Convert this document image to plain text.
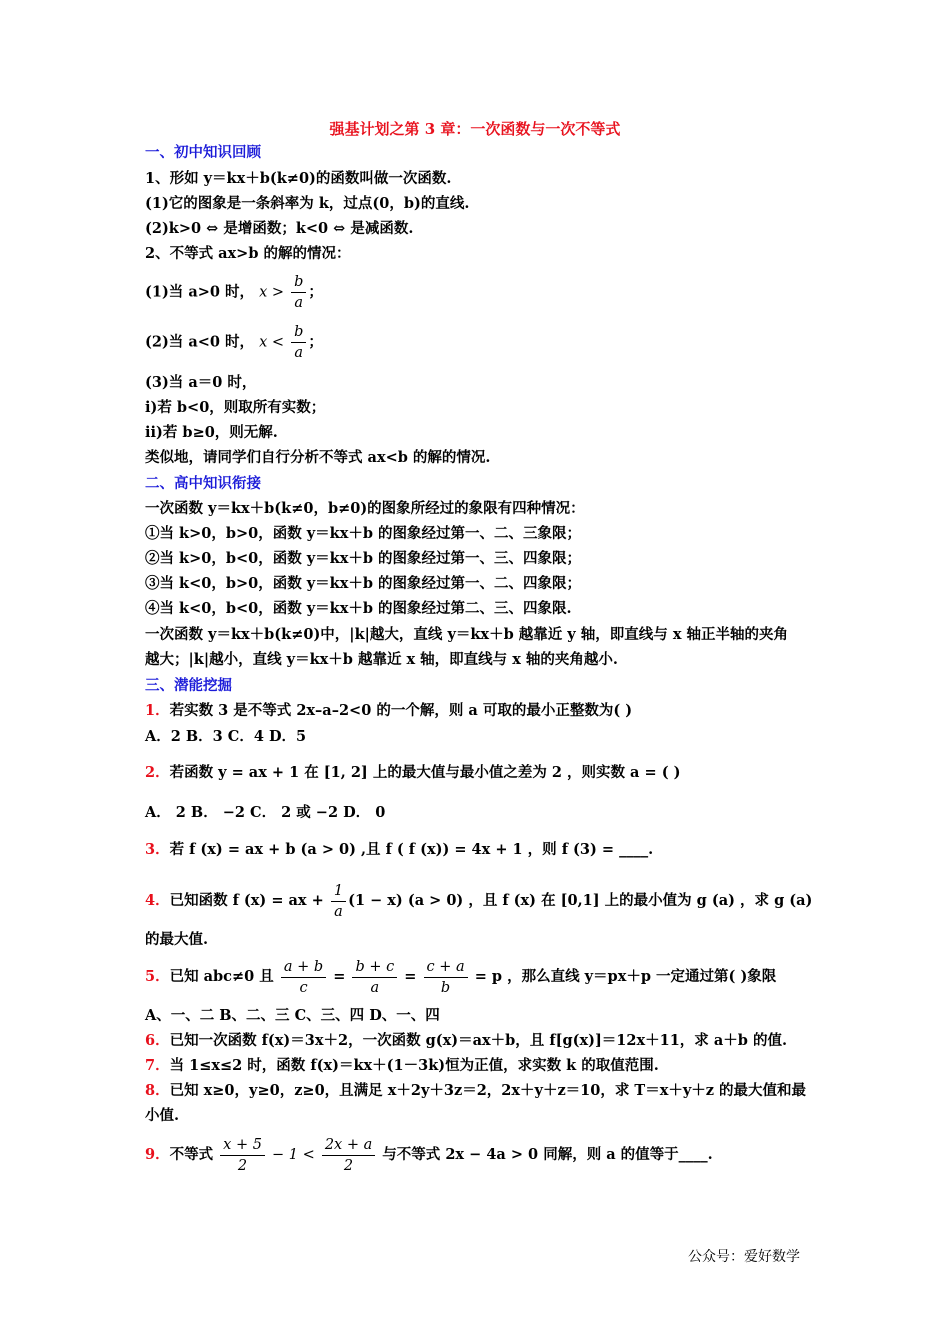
强基计划之第 3 章：一次函数与一次不等式
一、初中知识回顾
1、形如 y＝kx＋b(k≠0)的函数叫做一次函数.
(1)它的图象是一条斜率为 k，过点(0，b)的直线.
(2)k>0 ⇔ 是增函数；k<0 ⇔ 是减函数.
2、不等式 ax>b 的解的情况：
(1)当 a>0 时， $x > \frac{b}{a}$ ；
(2)当 a<0 时， $x < \frac{b}{a}$ ；
(3)当 a＝0 时，
i)若 b<0，则取所有实数；
ii)若 b≥0，则无解.
类似地，请同学们自行分析不等式 ax<b 的解的情况.
二、高中知识衔接
一次函数 y＝kx＋b(k≠0，b≠0)的图象所经过的象限有四种情况：
①当 k>0，b>0，函数 y＝kx＋b 的图象经过第一、二、三象限；
②当 k>0，b<0，函数 y＝kx＋b 的图象经过第一、三、四象限；
③当 k<0，b>0，函数 y＝kx＋b 的图象经过第一、二、四象限；
④当 k<0，b<0，函数 y＝kx＋b 的图象经过第二、三、四象限.
一次函数 y＝kx＋b(k≠0)中，|k|越大，直线 y＝kx＋b 越靠近 y 轴，即直线与 x 轴正半轴的夹角
越大；|k|越小，直线 y＝kx＋b 越靠近 x 轴，即直线与 x 轴的夹角越小.
三、潜能挖掘
1．若实数 3 是不等式 2x–a–2<0 的一个解，则 a 可取的最小正整数为( )
A．2 B．3 C．4 D．5
2．若函数 y = ax + 1 在 [1, 2] 上的最大值与最小值之差为 2 ，则实数 a = ( )
A． 2 B． −2 C． 2 或 −2 D． 0
3．若 f (x) = ax + b (a > 0) ,且 f ( f (x)) = 4x + 1 ，则 f (3) = ____.
4．已知函数 f (x) = ax + $\frac{1}{a} (1 - x) (a > 0)$ ，且 f (x) 在 [0,1] 上的最小值为 g (a) ，求 g (a)
的最大值.
5．已知 abc≠0 且 $\frac{a + b}{c} = \frac{b + c}{a} = \frac{c + a}{b} = p$ ，那么直线 y＝px＋p 一定通过第( )象限
A、一、二 B、二、三 C、三、四 D、一、四
6．已知一次函数 f(x)＝3x＋2，一次函数 g(x)＝ax＋b，且 f[g(x)]＝12x＋11，求 a＋b 的值.
7．当 1≤x≤2 时，函数 f(x)＝kx＋(1－3k)恒为正值，求实数 k 的取值范围.
8．已知 x≥0，y≥0，z≥0，且满足 x＋2y＋3z＝2，2x＋y＋z＝10，求 T＝x＋y＋z 的最大值和最
小值.
9．不等式 $\frac{x + 5}{2} - 1 < \frac{2x + a}{2}$ 与不等式 2x − 4a > 0 同解，则 a 的值等于____.
公众号：爱好数学
